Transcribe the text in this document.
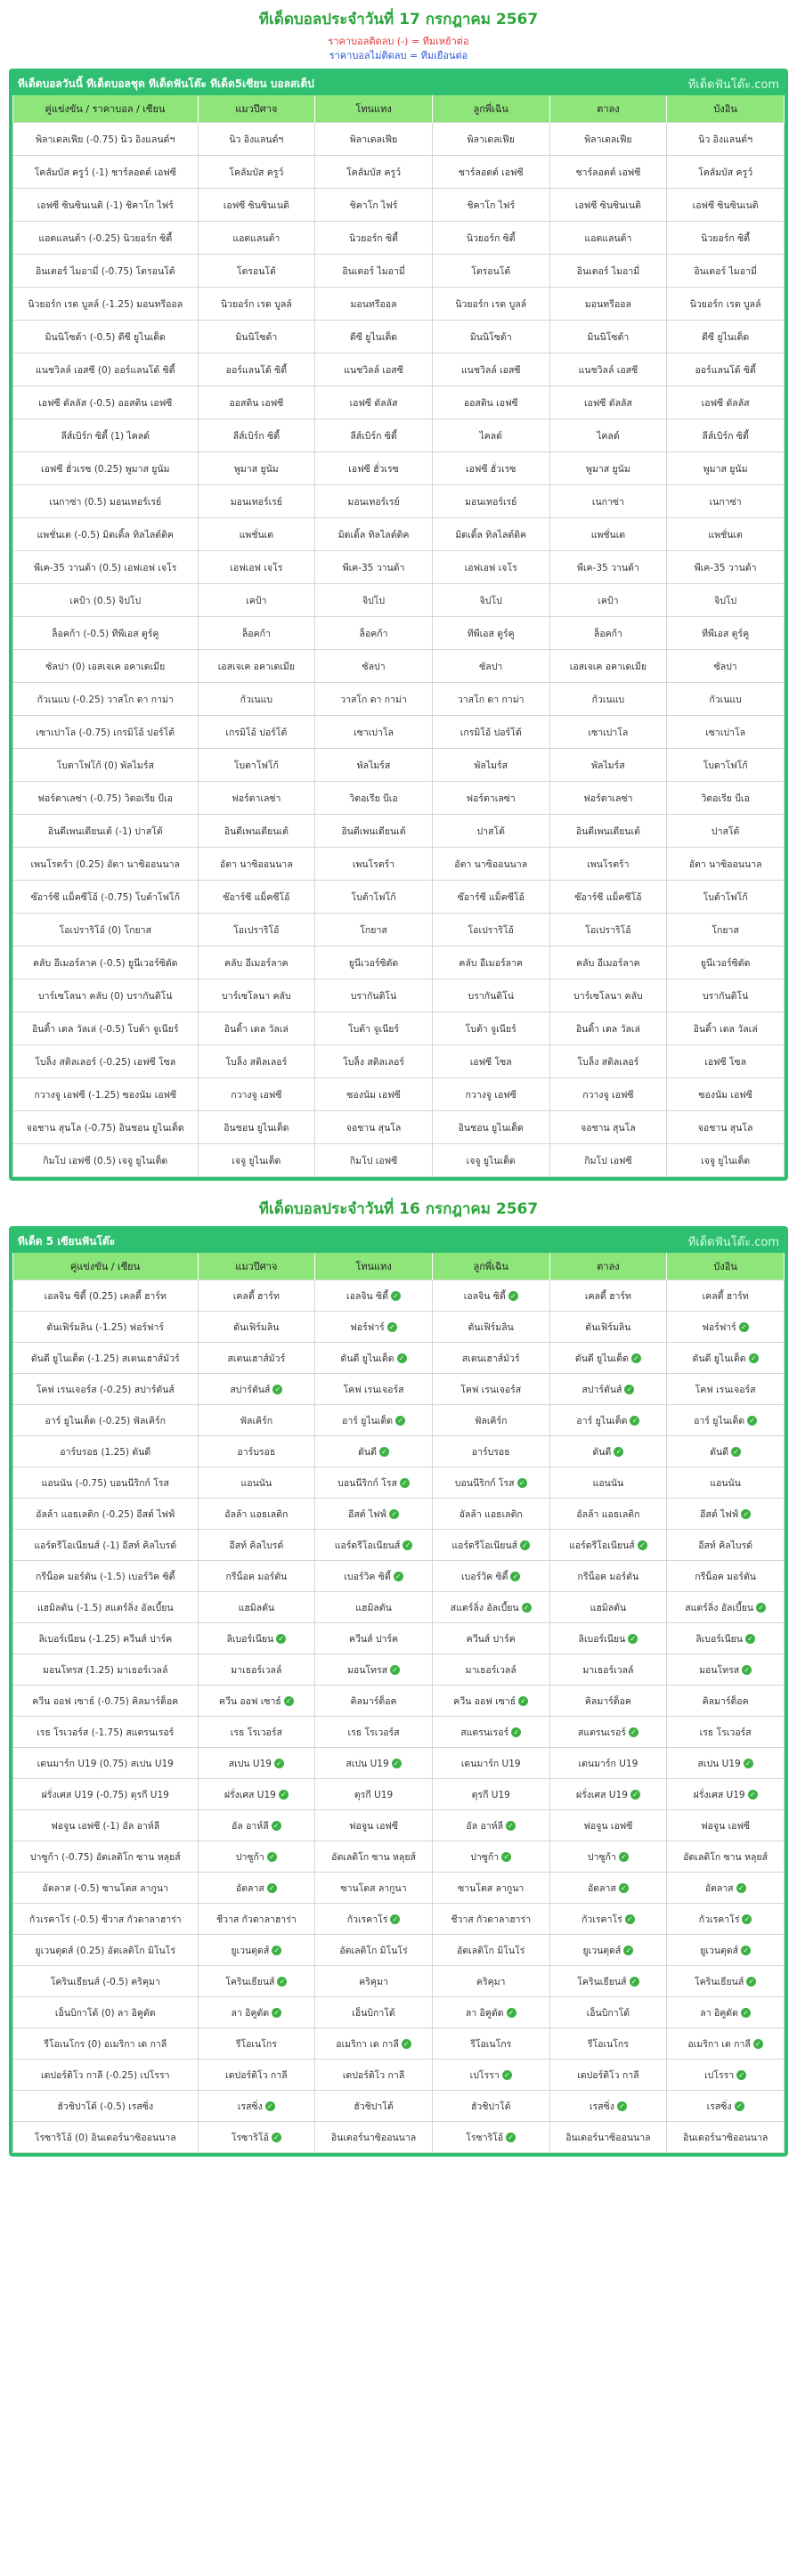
ทีเด็ดบอลประจำวันที่ 17 กรกฎาคม 2567
ราคาบอลติดลบ (-) = ทีมเหย้าต่อ
ราคาบอลไม่ติดลบ = ทีมเยือนต่อ
ทีเด็ดบอลวันนี้ ทีเด็ดบอลชุด ทีเด็ดฟันโต๊ะ ทีเด็ด5เซียน บอลสเต็ป	ทีเด็ดฟันโต๊ะ.com
คู่แข่งขัน / ราคาบอล / เซียน	แมวปีศาจ	โทนแทง	ลูกพี่เฉิน	ตาลง	บังอิน
พิลาเดลเฟีย (-0.75) นิว อิงแลนด์ฯ	นิว อิงแลนด์ฯ	พิลาเดลเฟีย	พิลาเดลเฟีย	พิลาเดลเฟีย	นิว อิงแลนด์ฯ
โคลัมบัส ครูว์ (-1) ชาร์ลอตต์ เอฟซี	โคลัมบัส ครูว์	โคลัมบัส ครูว์	ชาร์ลอตต์ เอฟซี	ชาร์ลอตต์ เอฟซี	โคลัมบัส ครูว์
เอฟซี ซินซินเนติ (-1) ชิคาโก ไฟร์	เอฟซี ซินซินเนติ	ชิคาโก ไฟร์	ชิคาโก ไฟร์	เอฟซี ซินซินเนติ	เอฟซี ซินซินเนติ
แอตแลนต้า (-0.25) นิวยอร์ก ซิตี้	แอตแลนต้า	นิวยอร์ก ซิตี้	นิวยอร์ก ซิตี้	แอตแลนต้า	นิวยอร์ก ซิตี้
อินเตอร์ ไมอามี่ (-0.75) โตรอนโต้	โตรอนโต้	อินเตอร์ ไมอามี่	โตรอนโต้	อินเตอร์ ไมอามี่	อินเตอร์ ไมอามี่
นิวยอร์ก เรด บูลล์ (-1.25) มอนทรีออล	นิวยอร์ก เรด บูลล์	มอนทรีออล	นิวยอร์ก เรด บูลล์	มอนทรีออล	นิวยอร์ก เรด บูลล์
มินนิโซต้า (-0.5) ดีซี ยูไนเต็ด	มินนิโซต้า	ดีซี ยูไนเต็ด	มินนิโซต้า	มินนิโซต้า	ดีซี ยูไนเต็ด
แนชวิลล์ เอสซี (0) ออร์แลนโด้ ซิตี้	ออร์แลนโด้ ซิตี้	แนชวิลล์ เอสซี	แนชวิลล์ เอสซี	แนชวิลล์ เอสซี	ออร์แลนโด้ ซิตี้
เอฟซี ดัลลัส (-0.5) ออสติน เอฟซี	ออสติน เอฟซี	เอฟซี ดัลลัส	ออสติน เอฟซี	เอฟซี ดัลลัส	เอฟซี ดัลลัส
ลีส์เบิร์ก ซิตี้ (1) ไคลด์	ลีส์เบิร์ก ซิตี้	ลีส์เบิร์ก ซิตี้	ไคลด์	ไคลด์	ลีส์เบิร์ก ซิตี้
เอฟซี ฮั่วเรซ (0.25) พูมาส ยูนัม	พูมาส ยูนัม	เอฟซี ฮั่วเรซ	เอฟซี ฮั่วเรซ	พูมาส ยูนัม	พูมาส ยูนัม
เนกาซ่า (0.5) มอนเทอร์เรย์	มอนเทอร์เรย์	มอนเทอร์เรย์	มอนเทอร์เรย์	เนกาซ่า	เนกาซ่า
แพชั่นเต (-0.5) มิดเดิ้ล ทิลไลต์ติค	แพชั่นเต	มิดเดิ้ล ทิลไลต์ติค	มิดเดิ้ล ทิลไลต์ติค	แพชั่นเต	แพชั่นเต
พีเค-35 วานต้า (0.5) เอฟเอฟ เจโร	เอฟเอฟ เจโร	พีเค-35 วานต้า	เอฟเอฟ เจโร	พีเค-35 วานต้า	พีเค-35 วานต้า
เคป้า (0.5) จิปโป	เคป้า	จิปโป	จิปโป	เคป้า	จิปโป
ล็อคก้า (-0.5) ทีพีเอส ตูร์คู	ล็อคก้า	ล็อคก้า	ทีพีเอส ตูร์คู	ล็อคก้า	ทีพีเอส ตูร์คู
ซัลปา (0) เอสเจเค อคาเดเมีย	เอสเจเค อคาเดเมีย	ซัลปา	ซัลปา	เอสเจเค อคาเดเมีย	ซัลปา
กัวเนแบ (-0.25) วาสโก ดา กาม่า	กัวเนแบ	วาสโก ดา กาม่า	วาสโก ดา กาม่า	กัวเนแบ	กัวเนแบ
เซาเปาโล (-0.75) เกรมิโอ้ ปอร์โต้	เกรมิโอ้ ปอร์โต้	เซาเปาโล	เกรมิโอ้ ปอร์โต้	เซาเปาโล	เซาเปาโล
โบตาโฟโก้ (0) พัลไมร์ส	โบตาโฟโก้	พัลไมร์ส	พัลไมร์ส	พัลไมร์ส	โบตาโฟโก้
ฟอร์ตาเลซ่า (-0.75) วิตอเรีย บีเอ	ฟอร์ตาเลซ่า	วิตอเรีย บีเอ	ฟอร์ตาเลซ่า	ฟอร์ตาเลซ่า	วิตอเรีย บีเอ
อินดีเพนเดียนเต้ (-1) ปาสโต้	อินดีเพนเดียนเต้	อินดีเพนเดียนเต้	ปาสโต้	อินดีเพนเดียนเต้	ปาสโต้
เพนโรตร้า (0.25) อัตา นาซิออนนาล	อัตา นาซิออนนาล	เพนโรตร้า	อัตา นาซิออนนาล	เพนโรตร้า	อัตา นาซิออนนาล
ซ๊อาร์ซี แม็คซีโอ้ (-0.75) โบต้าโฟโก้	ซ๊อาร์ซี แม็คซีโอ้	โบต้าโฟโก้	ซ๊อาร์ซี แม็คซีโอ้	ซ๊อาร์ซี แม็คซีโอ้	โบต้าโฟโก้
โอเปราริโอ้ (0) โกยาส	โอเปราริโอ้	โกยาส	โอเปราริโอ้	โอเปราริโอ้	โกยาส
คลับ อีเมอร์ลาค (-0.5) ยูนีเวอร์ซิดัด	คลับ อีเมอร์ลาค	ยูนีเวอร์ซิดัด	คลับ อีเมอร์ลาค	คลับ อีเมอร์ลาค	ยูนีเวอร์ซิดัด
บาร์เซโลนา คลับ (0) บรากันติโน่	บาร์เซโลนา คลับ	บรากันติโน่	บรากันติโน่	บาร์เซโลนา คลับ	บรากันติโน่
อินติ้า เดล วัลเล่ (-0.5) โบต้า จูเนียร์	อินติ้า เดล วัลเล่	โบต้า จูเนียร์	โบต้า จูเนียร์	อินติ้า เดล วัลเล่	อินติ้า เดล วัลเล่
โบล็ง สติลเลอร์ (-0.25) เอฟซี โซล	โบล็ง สติลเลอร์	โบล็ง สติลเลอร์	เอฟซี โซล	โบล็ง สติลเลอร์	เอฟซี โซล
กวางจู เอฟซี (-1.25) ซองนัม เอฟซี	กวางจู เอฟซี	ซองนัม เอฟซี	กวางจู เอฟซี	กวางจู เอฟซี	ซองนัม เอฟซี
จอชาน สุนโล (-0.75) อินชอน ยูไนเต็ด	อินชอน ยูไนเต็ด	จอชาน สุนโล	อินชอน ยูไนเต็ด	จอชาน สุนโล	จอชาน สุนโล
กิมโป เอฟซี (0.5) เจจู ยูไนเต็ด	เจจู ยูไนเต็ด	กิมโป เอฟซี	เจจู ยูไนเต็ด	กิมโป เอฟซี	เจจู ยูไนเต็ด
ทีเด็ดบอลประจำวันที่ 16 กรกฎาคม 2567
ทีเด็ด 5 เซียนฟันโต๊ะ	ทีเด็ดฟันโต๊ะ.com
คู่แข่งขัน / เซียน	แมวปีศาจ	โทนแทง	ลูกพี่เฉิน	ตาลง	บังอิน
เอลจิน ซิตี้ (0.25) เคลตี้ ฮาร์ท	เคลตี้ ฮาร์ท	เอลจิน ซิตี้ ✓	เอลจิน ซิตี้ ✓	เคลตี้ ฮาร์ท	เคลตี้ ฮาร์ท
ดันเฟิร์มลิน (-1.25) ฟอร์ฟาร์	ดันเฟิร์มลิน	ฟอร์ฟาร์ ✓	ดันเฟิร์มลิน	ดันเฟิร์มลิน	ฟอร์ฟาร์ ✓
ดันดี ยูไนเต็ด (-1.25) สเตนเฮาส์มัวร์	สเตนเฮาส์มัวร์	ดันดี ยูไนเต็ด ✓	สเตนเฮาส์มัวร์	ดันดี ยูไนเต็ด ✓	ดันดี ยูไนเต็ด ✓
โคฟ เรนเจอร์ส (-0.25) สปาร์ตันส์	สปาร์ตันส์ ✓	โคฟ เรนเจอร์ส	โคฟ เรนเจอร์ส	สปาร์ตันส์ ✓	โคฟ เรนเจอร์ส
อาร์ ยูไนเต็ด (-0.25) ฟัลเคิร์ก	ฟัลเคิร์ก	อาร์ ยูไนเต็ด ✓	ฟัลเคิร์ก	อาร์ ยูไนเต็ด ✓	อาร์ ยูไนเต็ด ✓
อาร์บรอธ (1.25) ดันดี	อาร์บรอธ	ดันดี ✓	อาร์บรอธ	ดันดี ✓	ดันดี ✓
แอนนัน (-0.75) บอนนีริกก์ โรส	แอนนัน	บอนนีริกก์ โรส ✓	บอนนีริกก์ โรส ✓	แอนนัน	แอนนัน
อัลล้า แอธเลติก (-0.25) อีสต์ ไฟฟ์	อัลล้า แอธเลติก	อีสต์ ไฟฟ์ ✓	อัลล้า แอธเลติก	อัลล้า แอธเลติก	อีสต์ ไฟฟ์ ✓
แอร์ดรีโอเนียนส์ (-1) อีสท์ คิลไบรด์	อีสท์ คิลไบรด์	แอร์ดรีโอเนียนส์ ✓	แอร์ดรีโอเนียนส์ ✓	แอร์ดรีโอเนียนส์ ✓	อีสท์ คิลไบรด์
กรีน็อค มอร์ตัน (-1.5) เบอร์วิค ซิตี้	กรีน็อค มอร์ตัน	เบอร์วิค ซิตี้ ✓	เบอร์วิค ซิตี้ ✓	กรีน็อค มอร์ตัน	กรีน็อค มอร์ตัน
แฮมิลตัน (-1.5) สแตร์ลิ่ง อัลเบี้ยน	แฮมิลตัน	แฮมิลตัน	สแตร์ลิ่ง อัลเบี้ยน ✓	แฮมิลตัน	สแตร์ลิ่ง อัลเบี้ยน ✓
ลิเบอร์เนียน (-1.25) ควีนส์ ปาร์ค	ลิเบอร์เนียน ✓	ควีนส์ ปาร์ค	ควีนส์ ปาร์ค	ลิเบอร์เนียน ✓	ลิเบอร์เนียน ✓
มอนโทรส (1.25) มาเธอร์เวลล์	มาเธอร์เวลล์	มอนโทรส ✓	มาเธอร์เวลล์	มาเธอร์เวลล์	มอนโทรส ✓
ควีน ออฟ เซาธ์ (-0.75) คิลมาร์ต็อค	ควีน ออฟ เซาธ์ ✓	คิลมาร์ต็อค	ควีน ออฟ เซาธ์ ✓	คิลมาร์ต็อค	คิลมาร์ต็อค
เรธ โรเวอร์ส (-1.75) สแตรนเรอร์	เรธ โรเวอร์ส	เรธ โรเวอร์ส	สแตรนเรอร์ ✓	สแตรนเรอร์ ✓	เรธ โรเวอร์ส
เดนมาร์ก U19 (0.75) สเปน U19	สเปน U19 ✓	สเปน U19 ✓	เดนมาร์ก U19	เดนมาร์ก U19	สเปน U19 ✓
ฝรั่งเศส U19 (-0.75) ตุรกี U19	ฝรั่งเศส U19 ✓	ตุรกี U19	ตุรกี U19	ฝรั่งเศส U19 ✓	ฝรั่งเศส U19 ✓
ฟอจูน เอฟซี (-1) อัล อาห์ลี	อัล อาห์ลี ✓	ฟอจูน เอฟซี	อัล อาห์ลี ✓	ฟอจูน เอฟซี	ฟอจูน เอฟซี
ปาซูก้า (-0.75) อัตเลติโก ซาน หลุยส์	ปาซูก้า ✓	อัตเลติโก ซาน หลุยส์	ปาซูก้า ✓	ปาซูก้า ✓	อัตเลติโก ซาน หลุยส์
อัตลาส (-0.5) ซานโตส ลากูนา	อัตลาส ✓	ซานโตส ลากูนา	ซานโตส ลากูนา	อัตลาส ✓	อัตลาส ✓
กัวเรคาโร่ (-0.5) ชีวาส กัวดาลาฮาร่า	ชีวาส กัวดาลาฮาร่า	กัวเรคาโร่ ✓	ชีวาส กัวดาลาฮาร่า	กัวเรคาโร่ ✓	กัวเรคาโร่ ✓
ยูเวนตุดส์ (0.25) อัตเลติโก มิโนโร่	ยูเวนตุดส์ ✓	อัตเลติโก มิโนโร่	อัตเลติโก มิโนโร่	ยูเวนตุดส์ ✓	ยูเวนตุดส์ ✓
โครินเธียนส์ (-0.5) คริคุมา	โครินเธียนส์ ✓	คริคุมา	คริคุมา	โครินเธียนส์ ✓	โครินเธียนส์ ✓
เอ็นบิกาโด้ (0) ลา อิคูดัด	ลา อิคูดัด ✓	เอ็นบิกาโด้	ลา อิคูดัด ✓	เอ็นบิกาโด้	ลา อิคูดัด ✓
รีโอเนโกร (0) อเมริกา เด กาลี	รีโอเนโกร	อเมริกา เด กาลี ✓	รีโอเนโกร	รีโอเนโกร	อเมริกา เด กาลี ✓
เดปอร์ติโว กาลี (-0.25) เปโรรา	เดปอร์ติโว กาลี	เดปอร์ติโว กาลี	เปโรรา ✓	เดปอร์ติโว กาลี	เปโรรา ✓
ฮัวชิปาโต้ (-0.5) เรสซิ่ง	เรสซิ่ง ✓	ฮัวชิปาโต้	ฮัวชิปาโต้	เรสซิ่ง ✓	เรสซิ่ง ✓
โรซาริโอ้ (0) อินเดอร์นาซิออนนาล	โรซาริโอ้ ✓	อินเดอร์นาซิออนนาล	โรซาริโอ้ ✓	อินเดอร์นาซิออนนาล	อินเดอร์นาซิออนนาล
